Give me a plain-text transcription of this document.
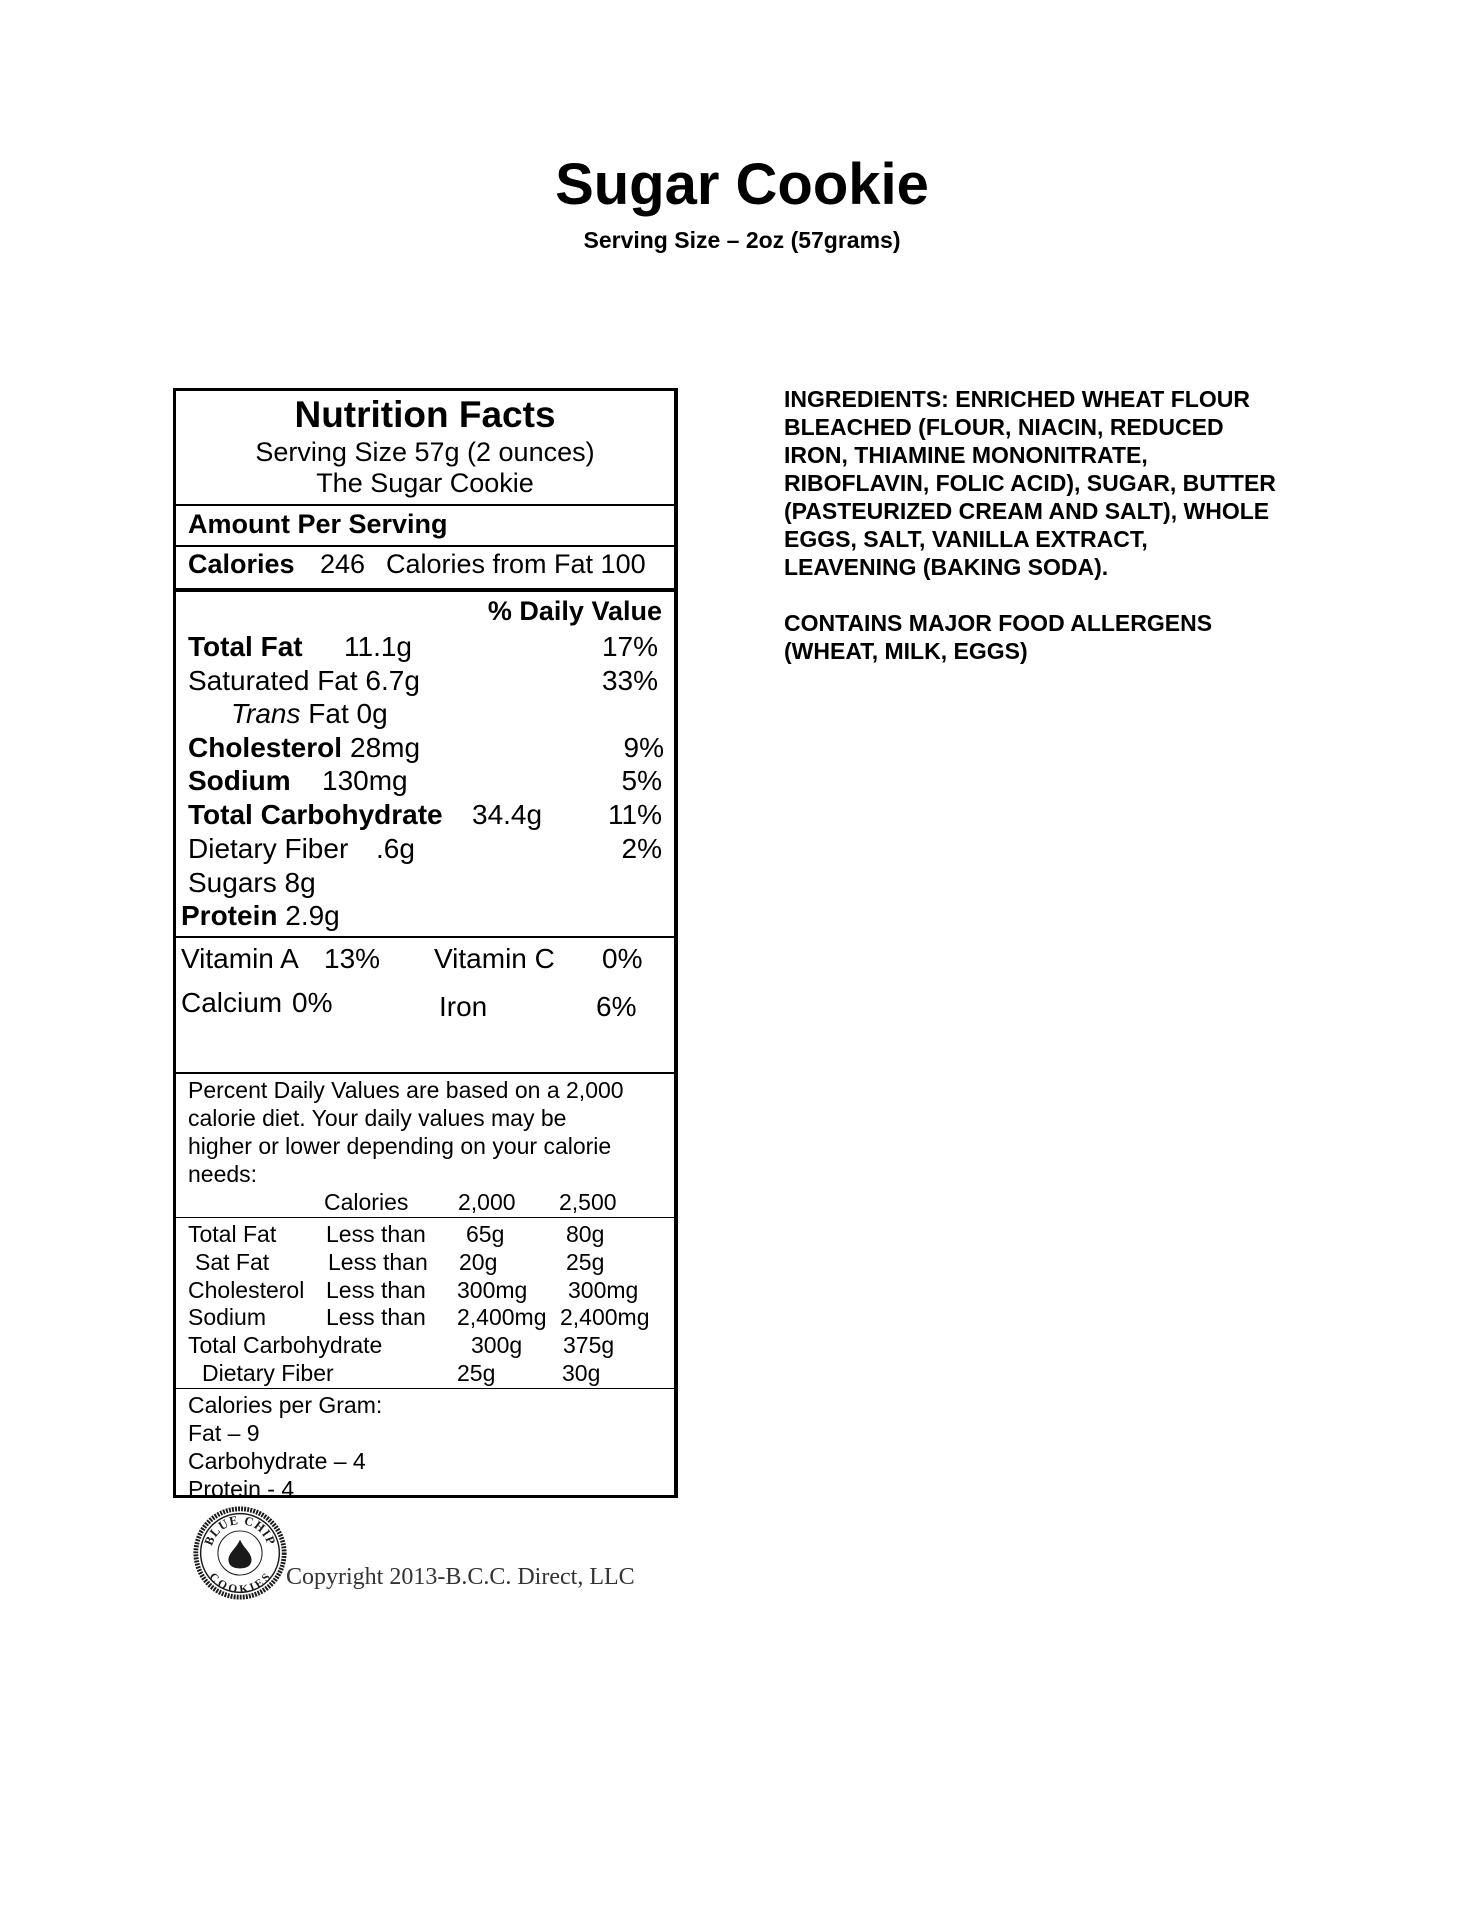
Sugar Cookie
Serving Size – 2oz (57grams)
Nutrition Facts
Serving Size 57g (2 ounces)
The Sugar Cookie
Amount Per Serving
Calories 246 Calories from Fat 100
% Daily Value
Total Fat 11.1g	17%
Saturated Fat 6.7g	33%
Trans Fat 0g
Cholesterol 28mg	9%
Sodium 130mg	5%
Total Carbohydrate 34.4g 11%
Dietary Fiber .6g	2%
Sugars 8g
Protein 2.9g
Vitamin A 13% Vitamin C 0%
Calcium 0%	Iron	6%
Percent Daily Values are based on a 2,000
calorie diet. Your daily values may be
higher or lower depending on your calorie
needs:
Calories 2,000 2,500
Total Fat Less than 65g	80g
Sat Fat	Less than 20g	25g
Cholesterol Less than 300mg 300mg
Sodium	Less than 2,400mg 2,400mg
Total Carbohydrate	300g 375g
Dietary Fiber	25g	30g
Calories per Gram:
Fat – 9
Carbohydrate – 4
Protein - 4

INGREDIENTS: ENRICHED WHEAT FLOUR

BLEACHED (FLOUR, NIACIN, REDUCED

IRON, THIAMINE MONONITRATE,

RIBOFLAVIN, FOLIC ACID), SUGAR, BUTTER

(PASTEURIZED CREAM AND SALT), WHOLE

EGGS, SALT, VANILLA EXTRACT,

LEAVENING (BAKING SODA).

CONTAINS MAJOR FOOD ALLERGENS

(WHEAT, MILK, EGGS)

BLUE CHIP
COOKIES Copyright 2013-B.C.C. Direct, LLC
